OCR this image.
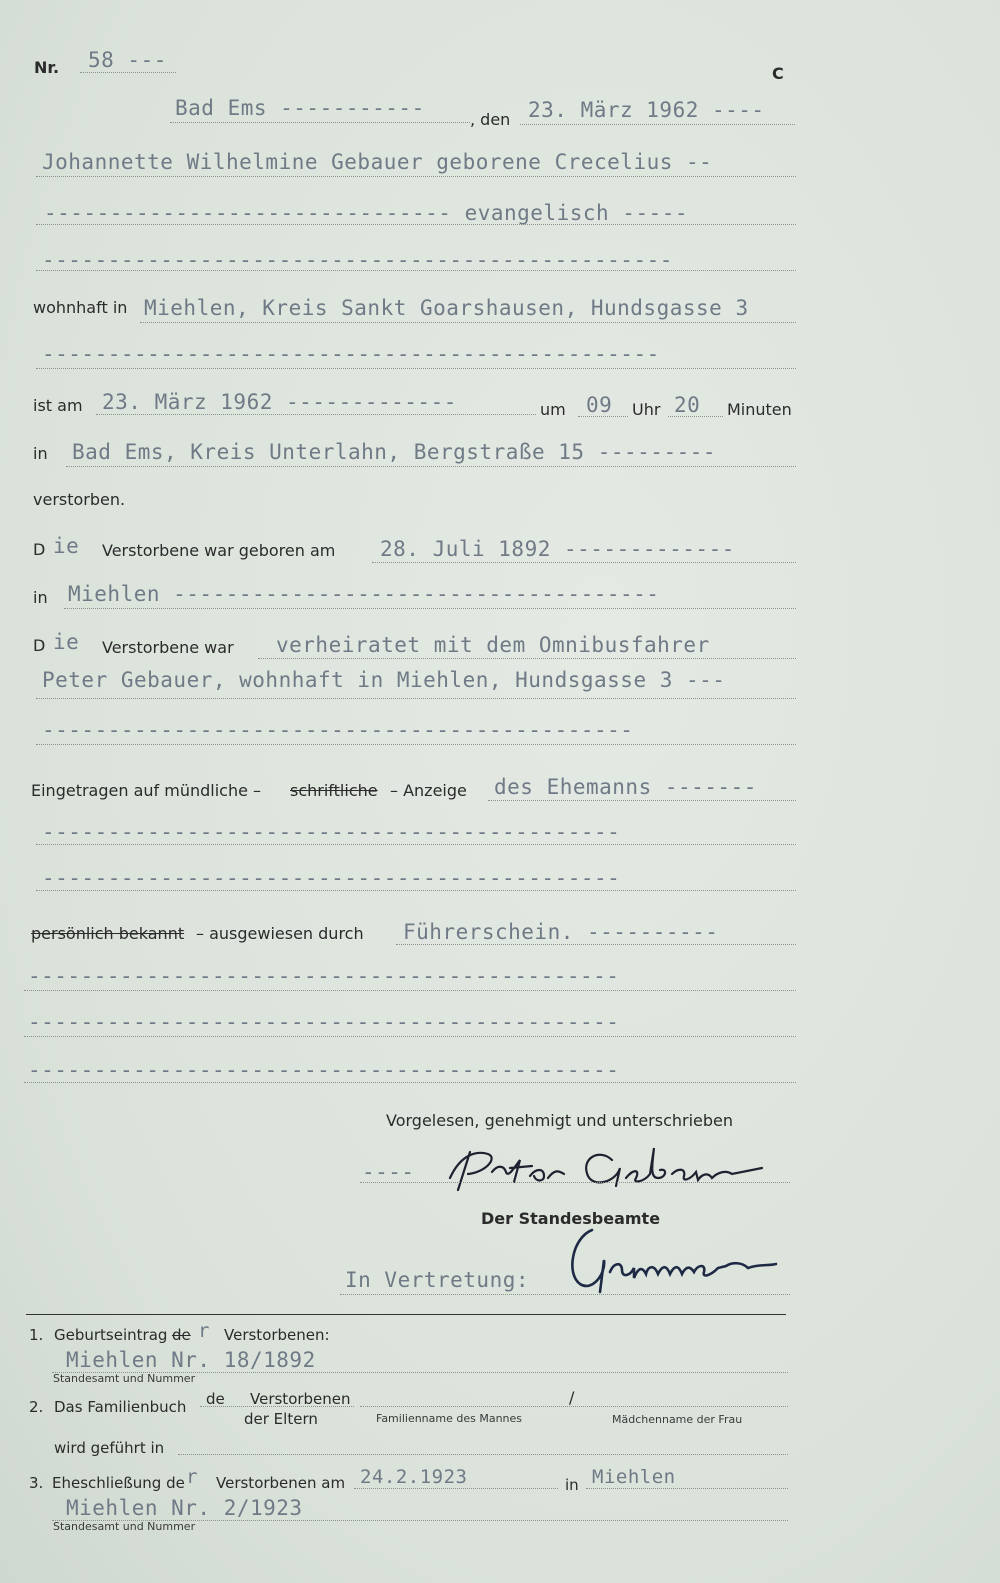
Nr. 58 ---
C
Bad Ems -----------	, den 23. März 1962 ----
Johannette Wilhelmine Gebauer geborene Crecelius --
------------------------------- evangelisch -----
------------------------------------------------
wohnhaft in Miehlen, Kreis Sankt Goarshausen, Hundsgasse 3
-----------------------------------------------
ist am 23. März 1962 -------------	um 09 Uhr 20 Minuten
in Bad Ems, Kreis Unterlahn, Bergstraße 15 ---------
verstorben.
D ie Verstorbene war geboren am 28. Juli 1892 -------------
in Miehlen -------------------------------------
D ie Verstorbene war verheiratet mit dem Omnibusfahrer
Peter Gebauer, wohnhaft in Miehlen, Hundsgasse 3 ---
---------------------------------------------
Eingetragen auf mündliche – schriftliche – Anzeige des Ehemanns -------
--------------------------------------------
--------------------------------------------
persönlich bekannt – ausgewiesen durch Führerschein. ----------
---------------------------------------------
---------------------------------------------
---------------------------------------------
Vorgelesen, genehmigt und unterschrieben
----
Der Standesbeamte
In Vertretung:
1. Geburtseintrag de r Verstorbenen:
Miehlen Nr. 18/1892
Standesamt und Nummer
2. Das Familienbuch de Verstorbenen
der Eltern
/
Familienname des Mannes	Mädchenname der Frau
wird geführt in
3. Eheschließung de r Verstorbenen am 24.2.1923	in Miehlen
Miehlen Nr. 2/1923
Standesamt und Nummer
